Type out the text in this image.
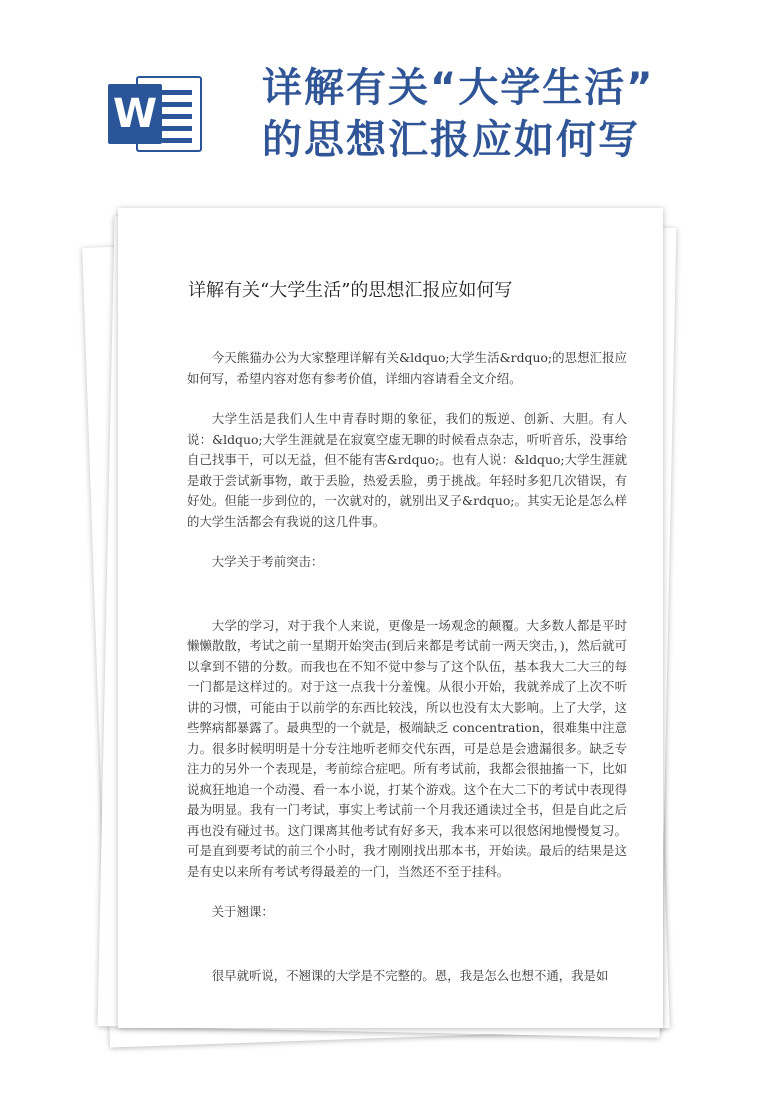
W
详解有关“大学生活”
的思想汇报应如何写
详解有关“大学生活”的思想汇报应如何写

今天熊猫办公为大家整理详解有关&ldquo;大学生活&rdquo;的思想汇报应如何写，希望内容对您有参考价值，详细内容请看全文介绍。

大学生活是我们人生中青春时期的象征，我们的叛逆、创新、大胆。有人说：&ldquo;大学生涯就是在寂寞空虚无聊的时候看点杂志，听听音乐，没事给自己找事干，可以无益，但不能有害&rdquo;。也有人说：&ldquo;大学生涯就是敢于尝试新事物，敢于丢脸，热爱丢脸，勇于挑战。年轻时多犯几次错误，有好处。但能一步到位的，一次就对的，就别出叉子&rdquo;。其实无论是怎么样的大学生活都会有我说的这几件事。

大学关于考前突击：

大学的学习，对于我个人来说，更像是一场观念的颠覆。大多数人都是平时懒懒散散，考试之前一星期开始突击(到后来都是考试前一两天突击，)，然后就可以拿到不错的分数。而我也在不知不觉中参与了这个队伍，基本我大二大三的每一门都是这样过的。对于这一点我十分羞愧。从很小开始，我就养成了上次不听讲的习惯，可能由于以前学的东西比较浅，所以也没有太大影响。上了大学，这些弊病都暴露了。最典型的一个就是，极端缺乏 concentration，很难集中注意力。很多时候明明是十分专注地听老师交代东西，可是总是会遗漏很多。缺乏专注力的另外一个表现是，考前综合症吧。所有考试前，我都会很抽搐一下，比如说疯狂地追一个动漫、看一本小说，打某个游戏。这个在大二下的考试中表现得最为明显。我有一门考试，事实上考试前一个月我还通读过全书，但是自此之后再也没有碰过书。这门课离其他考试有好多天，我本来可以很悠闲地慢慢复习。可是直到要考试的前三个小时，我才刚刚找出那本书，开始读。最后的结果是这是有史以来所有考试考得最差的一门，当然还不至于挂科。

关于翘课：

很早就听说，不翘课的大学是不完整的。恩，我是怎么也想不通，我是如
